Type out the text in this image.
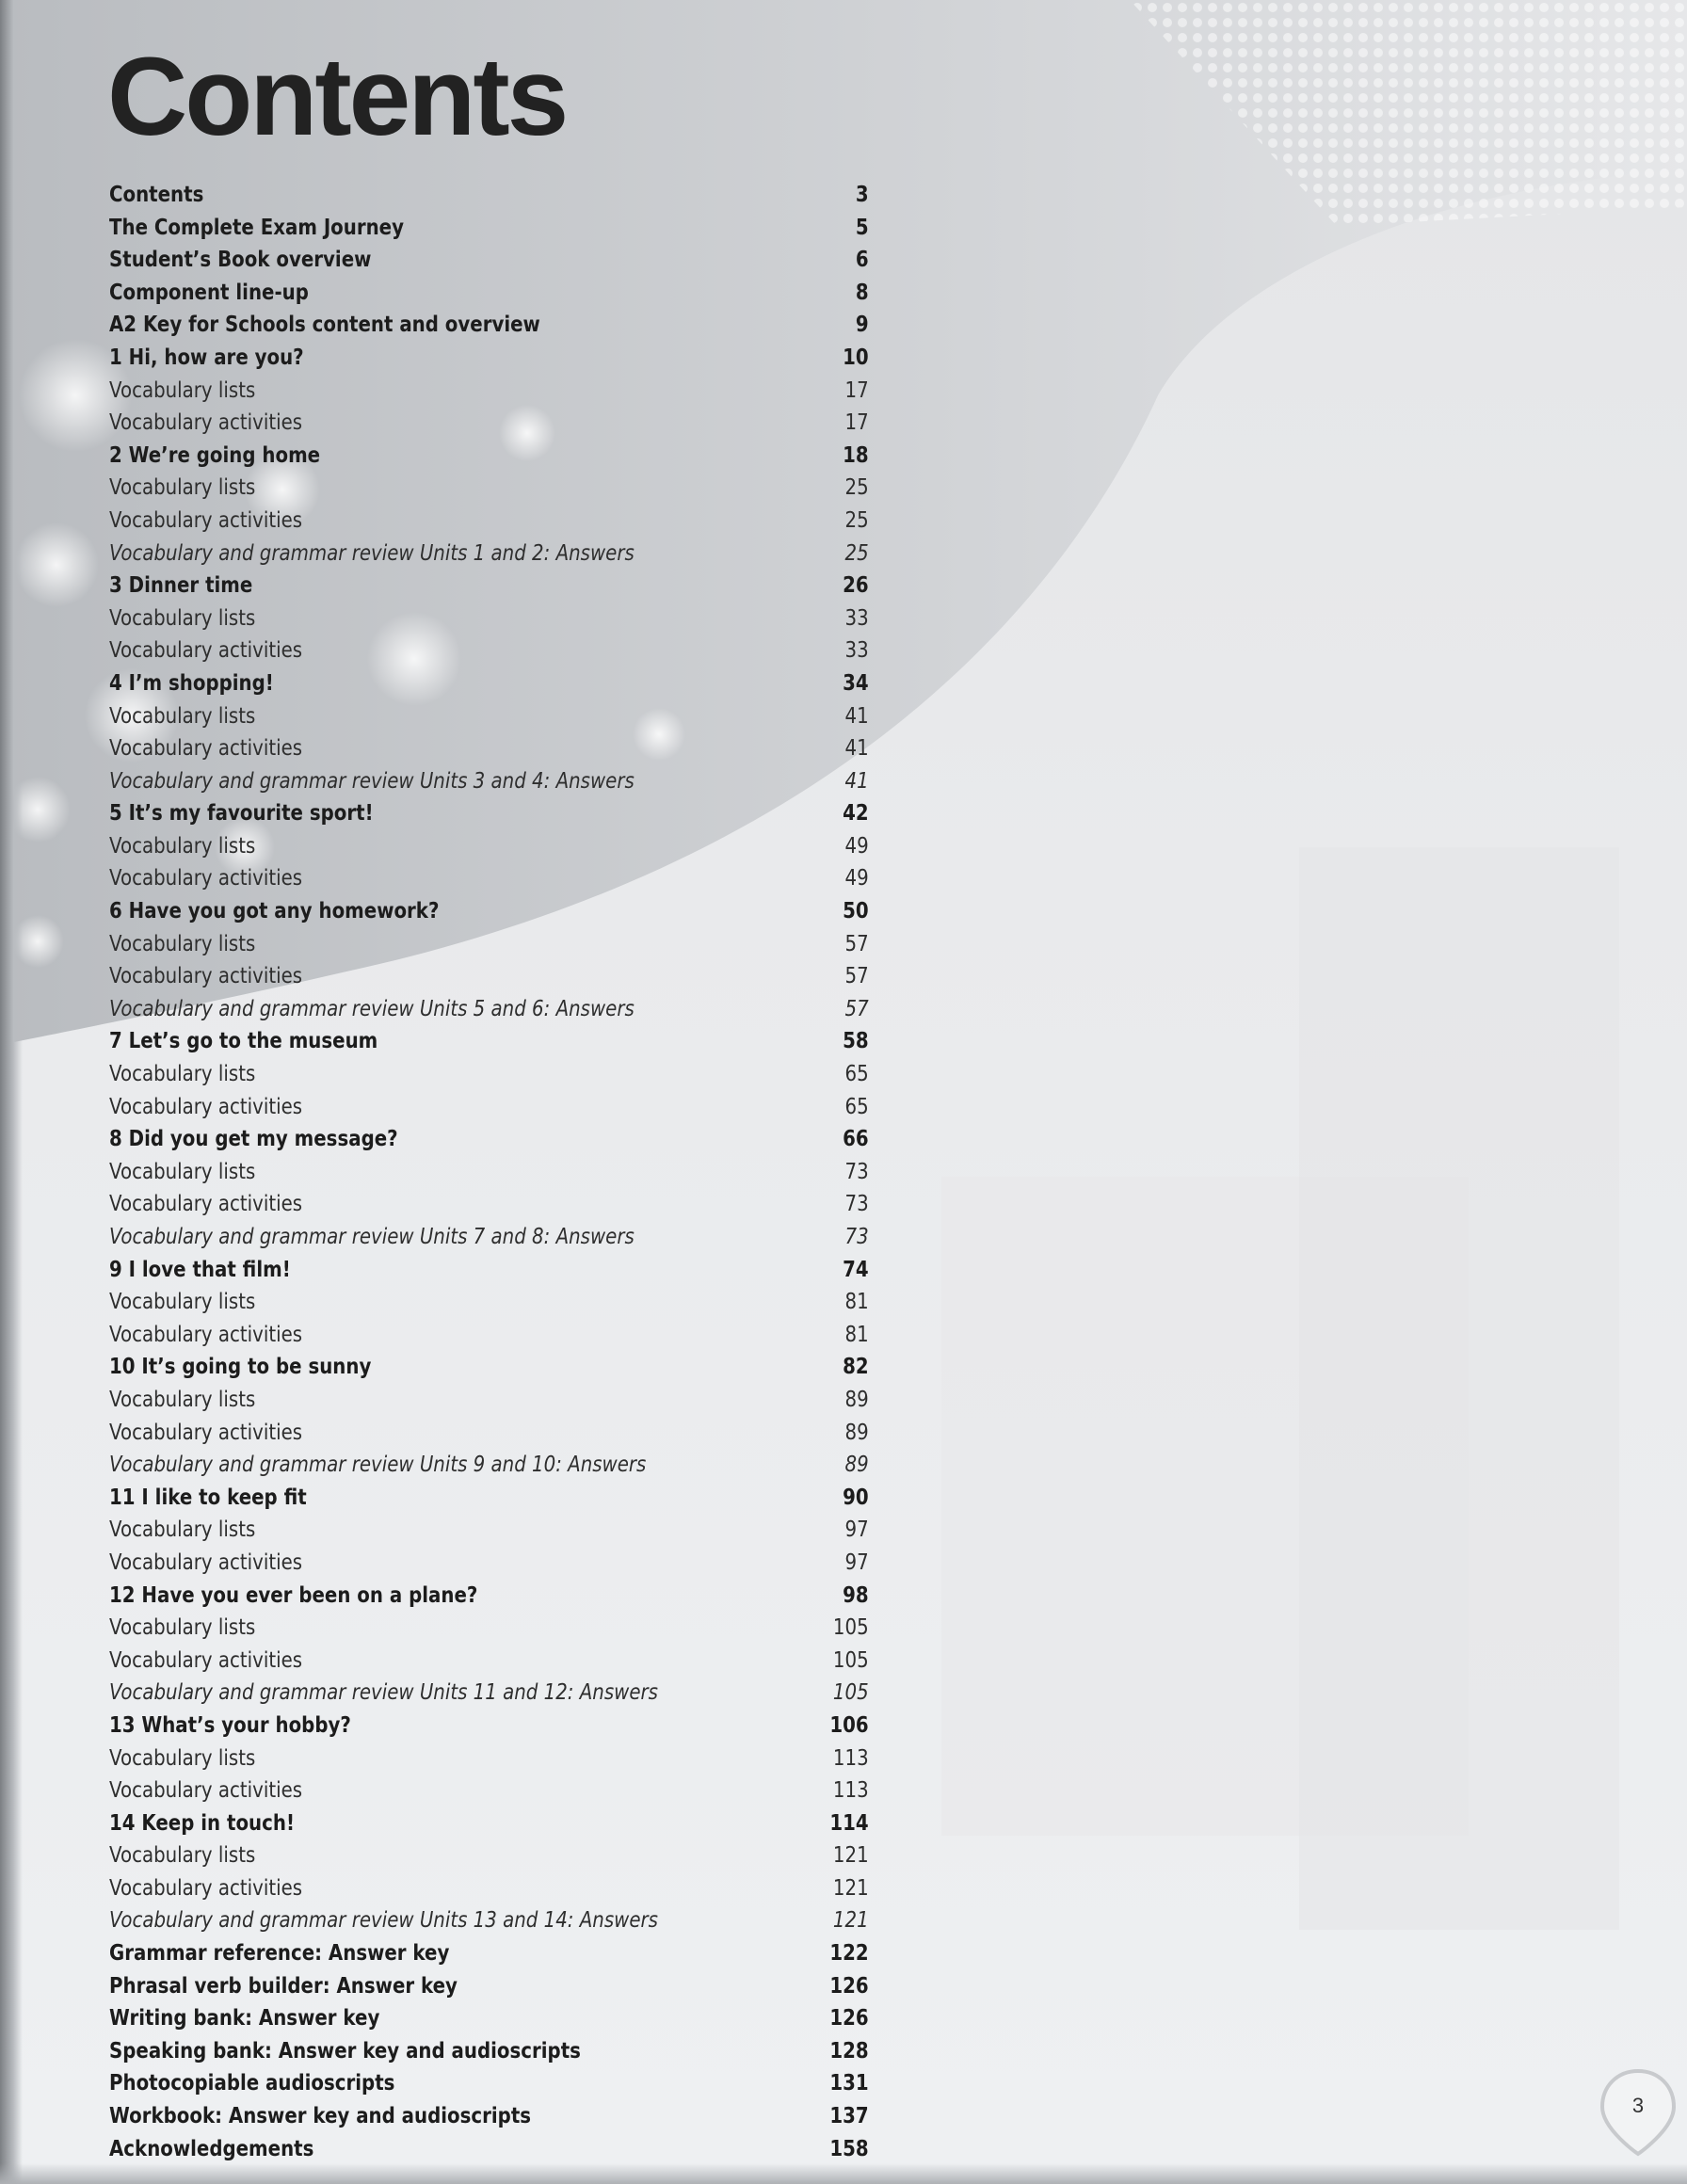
Contents
Contents	3
The Complete Exam Journey	5
Student’s Book overview	6
Component line-up	8
A2 Key for Schools content and overview	9
1 Hi, how are you?	10
Vocabulary lists	17
Vocabulary activities	17
2 We’re going home	18
Vocabulary lists	25
Vocabulary activities	25
Vocabulary and grammar review Units 1 and 2: Answers	25
3 Dinner time	26
Vocabulary lists	33
Vocabulary activities	33
4 I’m shopping!	34
Vocabulary lists	41
Vocabulary activities	41
Vocabulary and grammar review Units 3 and 4: Answers	41
5 It’s my favourite sport!	42
Vocabulary lists	49
Vocabulary activities	49
6 Have you got any homework?	50
Vocabulary lists	57
Vocabulary activities	57
Vocabulary and grammar review Units 5 and 6: Answers	57
7 Let’s go to the museum	58
Vocabulary lists	65
Vocabulary activities	65
8 Did you get my message?	66
Vocabulary lists	73
Vocabulary activities	73
Vocabulary and grammar review Units 7 and 8: Answers	73
9 I love that film!	74
Vocabulary lists	81
Vocabulary activities	81
10 It’s going to be sunny	82
Vocabulary lists	89
Vocabulary activities	89
Vocabulary and grammar review Units 9 and 10: Answers	89
11 I like to keep fit	90
Vocabulary lists	97
Vocabulary activities	97
12 Have you ever been on a plane?	98
Vocabulary lists	105
Vocabulary activities	105
Vocabulary and grammar review Units 11 and 12: Answers	105
13 What’s your hobby?	106
Vocabulary lists	113
Vocabulary activities	113
14 Keep in touch!	114
Vocabulary lists	121
Vocabulary activities	121
Vocabulary and grammar review Units 13 and 14: Answers	121
Grammar reference: Answer key	122
Phrasal verb builder: Answer key	126
Writing bank: Answer key	126
Speaking bank: Answer key and audioscripts	128
Photocopiable audioscripts	131
Workbook: Answer key and audioscripts	137
Acknowledgements	158
3
